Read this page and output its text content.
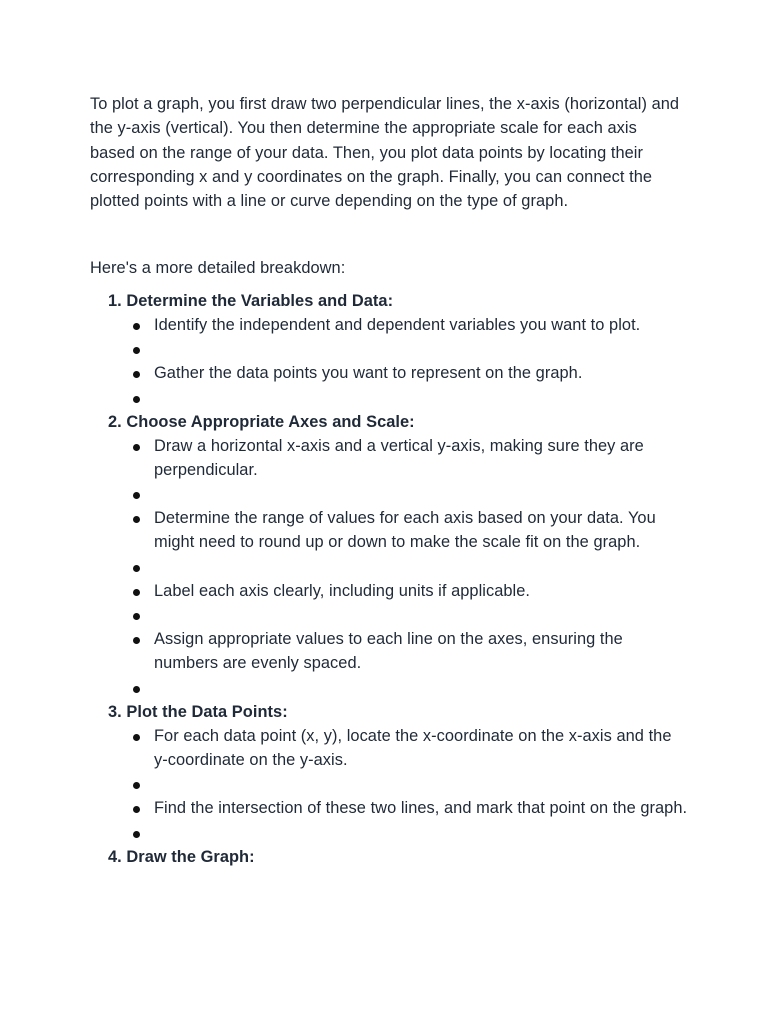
To plot a graph, you first draw two perpendicular lines, the x-axis (horizontal) and the y-axis (vertical). You then determine the appropriate scale for each axis based on the range of your data. Then, you plot data points by locating their corresponding x and y coordinates on the graph. Finally, you can connect the plotted points with a line or curve depending on the type of graph.

Here's a more detailed breakdown:

1. Determine the Variables and Data:
Identify the independent and dependent variables you want to plot.
Gather the data points you want to represent on the graph.
2. Choose Appropriate Axes and Scale:
Draw a horizontal x-axis and a vertical y-axis, making sure they are perpendicular.
Determine the range of values for each axis based on your data. You might need to round up or down to make the scale fit on the graph.
Label each axis clearly, including units if applicable.
Assign appropriate values to each line on the axes, ensuring the numbers are evenly spaced.
3. Plot the Data Points:
For each data point (x, y), locate the x-coordinate on the x-axis and the y-coordinate on the y-axis.
Find the intersection of these two lines, and mark that point on the graph.
4. Draw the Graph:
